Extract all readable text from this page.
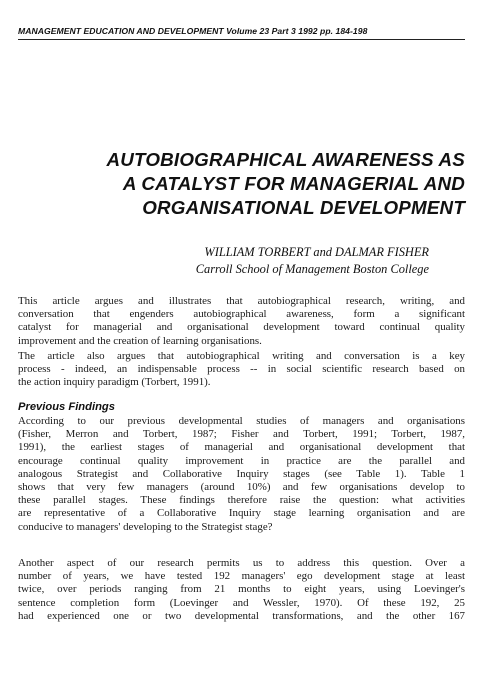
MANAGEMENT EDUCATION AND DEVELOPMENT Volume 23 Part 3 1992 pp. 184-198
AUTOBIOGRAPHICAL AWARENESS AS
A CATALYST FOR MANAGERIAL AND
ORGANISATIONAL DEVELOPMENT
WILLIAM TORBERT and DALMAR FISHER
Carroll School of Management Boston College
This article argues and illustrates that autobiographical research, writing, and
conversation that engenders autobiographical awareness, form a significant
catalyst for managerial and organisational development toward continual quality
improvement and the creation of learning organisations.
The article also argues that autobiographical writing and conversation is a key
process - indeed, an indispensable process -- in social scientific research based on
the action inquiry paradigm (Torbert, 1991).
Previous Findings
According to our previous developmental studies of managers and organisations
(Fisher, Merron and Torbert, 1987; Fisher and Torbert, 1991; Torbert, 1987,
1991), the earliest stages of managerial and organisational development that
encourage continual quality improvement in practice are the parallel and
analogous Strategist and Collaborative Inquiry stages (see Table 1). Table 1
shows that very few managers (around 10%) and few organisations develop to
these parallel stages. These findings therefore raise the question: what activities
are representative of a Collaborative Inquiry stage learning organisation and are
conducive to managers' developing to the Strategist stage?
Another aspect of our research permits us to address this question. Over a
number of years, we have tested 192 managers' ego development stage at least
twice, over periods ranging from 21 months to eight years, using Loevinger's
sentence completion form (Loevinger and Wessler, 1970). Of these 192, 25
had experienced one or two developmental transformations, and the other 167
